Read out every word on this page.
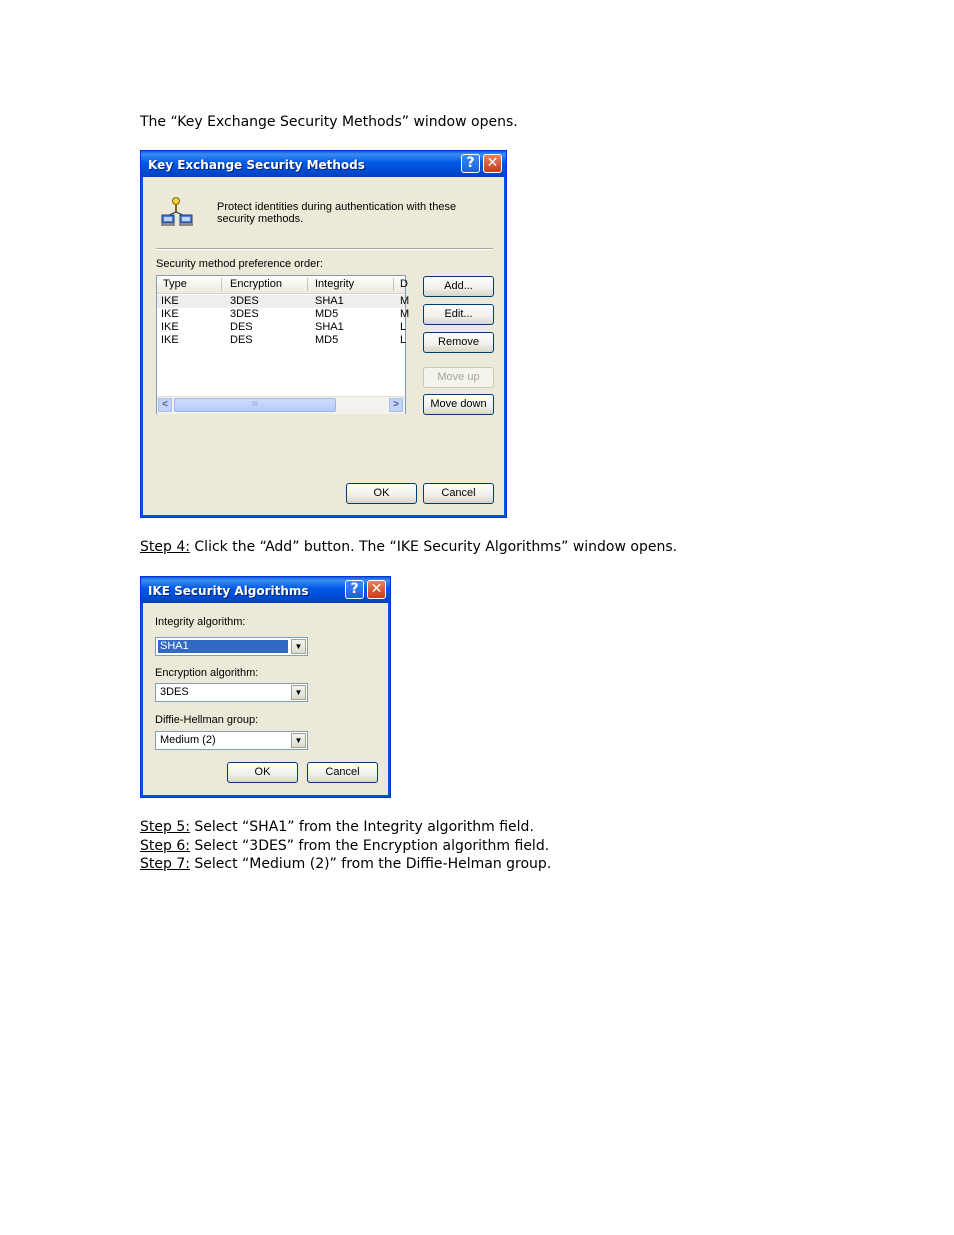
The “Key Exchange Security Methods” window opens.
Key Exchange Security Methods	? ✕
Protect identities during authentication with these security methods.
Security method preference order:
Type	Encryption	Integrity	D
IKE	3DES	SHA1	M
IKE	3DES	MD5	M
IKE	DES	SHA1	L
IKE	DES	MD5	L
<	III	>
Add...
Edit...
Remove
Move up
Move down
OK	Cancel
Step 4: Click the “Add” button. The “IKE Security Algorithms” window opens.
IKE Security Algorithms	? ✕
Integrity algorithm:
SHA1	▼
Encryption algorithm:
3DES	▼
Diffie-Hellman group:
Medium (2)	▼
OK	Cancel
Step 5: Select “SHA1” from the Integrity algorithm field.
Step 6: Select “3DES” from the Encryption algorithm field.
Step 7: Select “Medium (2)” from the Diffie-Helman group.
